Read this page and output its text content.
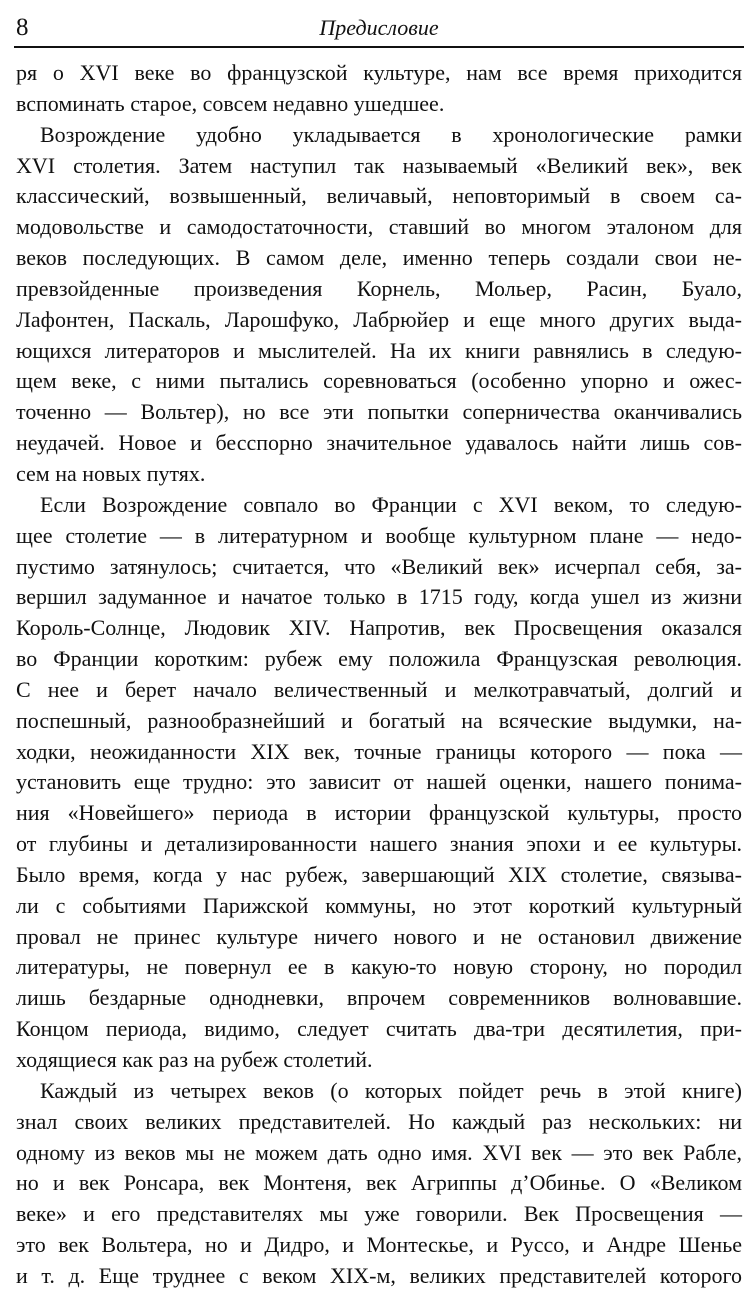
8	Предисловие
ря о XVI веке во французской культуре, нам все время приходится
вспоминать старое, совсем недавно ушедшее.
Возрождение удобно укладывается в хронологические рамки
XVI столетия. Затем наступил так называемый «Великий век», век
классический, возвышенный, величавый, неповторимый в своем са-
модовольстве и самодостаточности, ставший во многом эталоном для
веков последующих. В самом деле, именно теперь создали свои не-
превзойденные произведения Корнель, Мольер, Расин, Буало,
Лафонтен, Паскаль, Ларошфуко, Лабрюйер и еще много других выда-
ющихся литераторов и мыслителей. На их книги равнялись в следую-
щем веке, с ними пытались соревноваться (особенно упорно и ожес-
точенно — Вольтер), но все эти попытки соперничества оканчивались
неудачей. Новое и бесспорно значительное удавалось найти лишь сов-
сем на новых путях.
Если Возрождение совпало во Франции с XVI веком, то следую-
щее столетие — в литературном и вообще культурном плане — недо-
пустимо затянулось; считается, что «Великий век» исчерпал себя, за-
вершил задуманное и начатое только в 1715 году, когда ушел из жизни
Король-Солнце, Людовик XIV. Напротив, век Просвещения оказался
во Франции коротким: рубеж ему положила Французская революция.
С нее и берет начало величественный и мелкотравчатый, долгий и
поспешный, разнообразнейший и богатый на всяческие выдумки, на-
ходки, неожиданности XIX век, точные границы которого — пока —
установить еще трудно: это зависит от нашей оценки, нашего понима-
ния «Новейшего» периода в истории французской культуры, просто
от глубины и детализированности нашего знания эпохи и ее культуры.
Было время, когда у нас рубеж, завершающий XIX столетие, связыва-
ли с событиями Парижской коммуны, но этот короткий культурный
провал не принес культуре ничего нового и не остановил движение
литературы, не повернул ее в какую-то новую сторону, но породил
лишь бездарные однодневки, впрочем современников волновавшие.
Концом периода, видимо, следует считать два-три десятилетия, при-
ходящиеся как раз на рубеж столетий.
Каждый из четырех веков (о которых пойдет речь в этой книге)
знал своих великих представителей. Но каждый раз нескольких: ни
одному из веков мы не можем дать одно имя. XVI век — это век Рабле,
но и век Ронсара, век Монтеня, век Агриппы д’Обинье. О «Великом
веке» и его представителях мы уже говорили. Век Просвещения —
это век Вольтера, но и Дидро, и Монтескье, и Руссо, и Андре Шенье
и т. д. Еще труднее с веком XIX-м, великих представителей которого
